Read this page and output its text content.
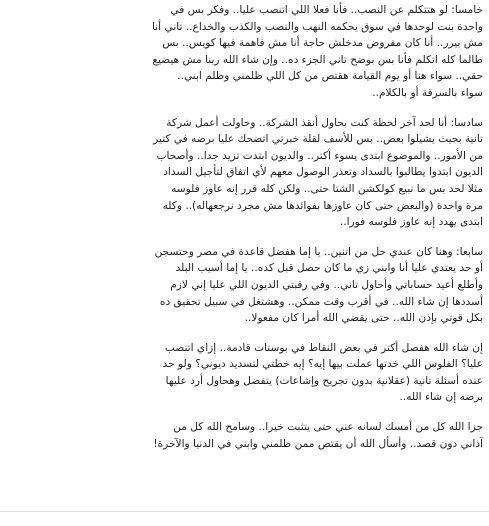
خامسا: لو هتتكلم عن النصب.. فأنا فعلا اللي اتنصب عليا.. وفكر بس في
واحدة بنت لوحدها في سوق يحكمه النهب والنصب والكذب والخداع.. تاني أنا
مش بيرر.. أنا كان مفروض مدخلش حاجة أنا مش فاهمة فيها كويس.. بس
طالما كله اتكلم فأنا بس بوضح تاني الجزء ده.. وإن شاء الله ربنا مش هيضيع
حقي.. سواء هنا أو يوم القيامة هقتص من كل اللي ظلمني وظلم ابني..
سواء بالسرقة أو بالكلام..

سادسا: أنا لحد آخر لحظة كنت بحاول أنقذ الشركة.. وحاولت أعمل شركة
تانية بحيث يشيلوا بعض.. بس للأسف لقلة خبرتي اتضحك عليا برضه في كتير
من الأمور.. والموضوع ابتدى يسوء أكتر.. والديون ابتدت تزيد جدا.. وأصحاب
الديون ابتدوا يطالبوا بالسداد وتعذر الوصول معهم لأي اتفاق لتأجيل السداد
مثلا لحد بس ما نبيع كولكشن الشتا حتى.. ولكن كله قرر إنه عاوز فلوسه
مرة واحدة (والبعض حتى كان عاوزها بفوائدها مش مجرد نرجعهاله).. وكله
ابتدى يهدد إنه عاوز فلوسه فورا..

سابعا: وهنا كان عندي حل من اتنين.. يا إما هفضل قاعدة في مصر وحتسجن
أو حد يعتدي عليا أنا وابني زي ما كان حصل قبل كده.. يا إما أسيب البلد
وأطلع أعيد حساباتي وأحاول تاني.. وفي رقبتي الديون اللي عليا إني لازم
أسددها إن شاء الله.. في أقرب وقت ممكن.. وهشتغل في سبيل تحقيق ده
بكل قوتي بإذن الله.. حتى يقضي الله أمرا كان مفعولا..

إن شاء الله هفصل أكتر في بعض النقاط في بوستات قادمة.. إزاي اتنصب
عليا؟ الفلوس اللي خدتها عملت بيها إيه؟ إيه خطتي لتسديد ديوني؟ ولو حد
عنده أسئلة تانية (عقلانية بدون تجريح وإشاعات) يتفضل وهحاول أرد عليها
برضه إن شاء الله..

جزا الله كل من أمسك لسانه عني حتى يتثبت خيرا.. وسامح الله كل من
آذاني دون قصد.. وأسأل الله أن يقتص ممن ظلمني وابني في الدنيا والآخرة!
